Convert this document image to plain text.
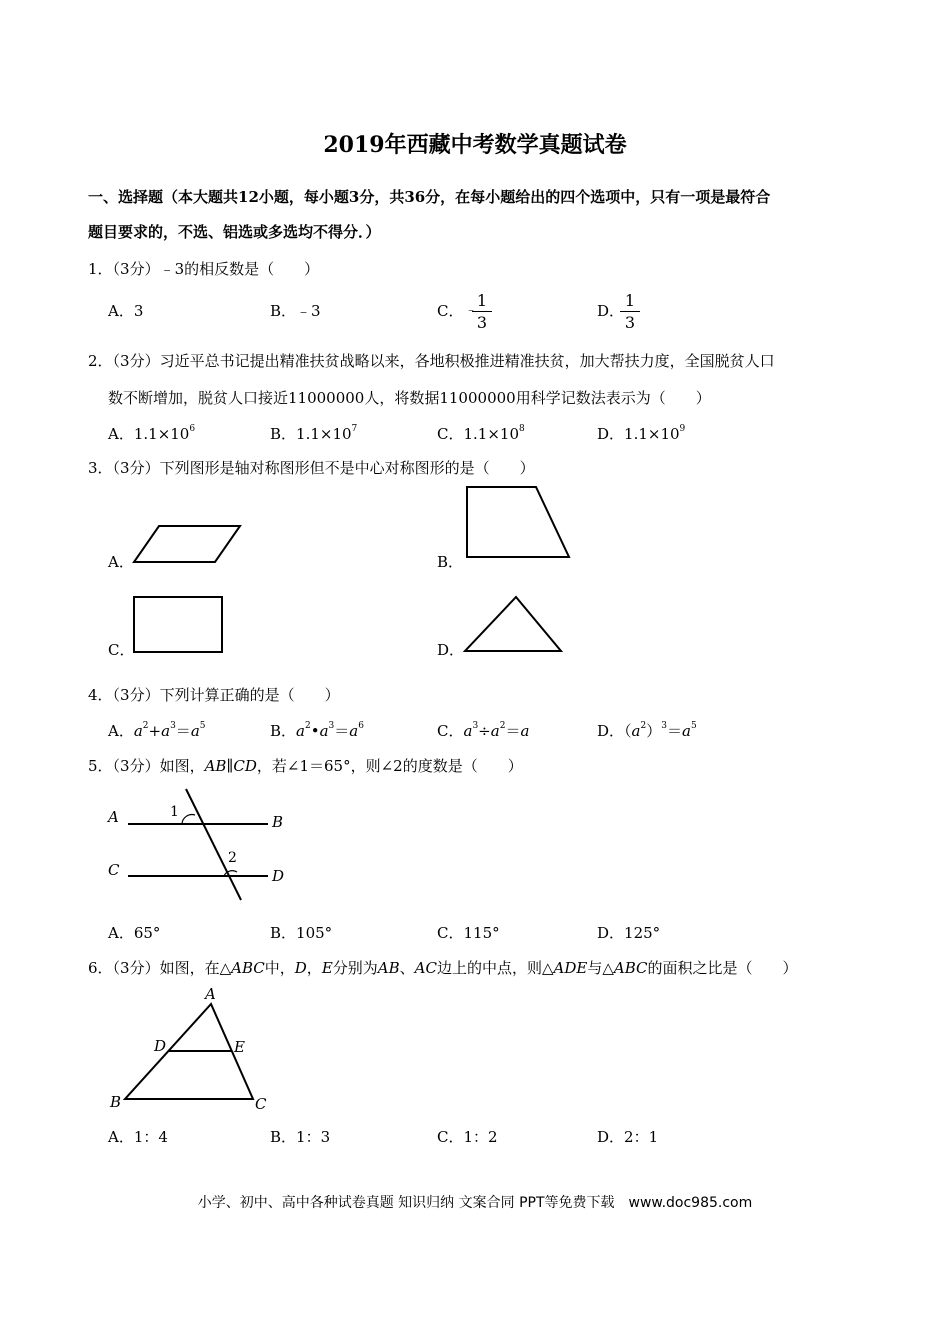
2019年西藏中考数学真题试卷
一、选择题（本大题共12小题，每小题3分，共36分，在每小题给出的四个选项中，只有一项是最符合
题目要求的，不选、铝选或多选均不得分．）
1．（3分）﹣3的相反数是（　　）
A．3	B．﹣3	C． ﹣ 1
3
D．
1
3
2．（3分）习近平总书记提出精准扶贫战略以来，各地积极推进精准扶贫，加大帮扶力度，全国脱贫人口
数不断增加，脱贫人口接近11000000人，将数据11000000用科学记数法表示为（　　）
A．$1.1\times 10^6$	B．$1.1\times 10^7$	C．$1.1\times 10^8$	D．$1.1\times 10^9$
3．（3分）下列图形是轴对称图形但不是中心对称图形的是（　　）
A．	B．
C．	D．
4．（3分）下列计算正确的是（　　）
A．$a^2+a^3=a^5$	B．$a^2•a^3=a^6$	C．$a^3\div a^2=a$	D．$(a^2)^3=a^5$
5．（3分）如图，AB∥CD，若∠1＝65°，则∠2的度数是（　　）
A	B
C	D
1
2
A．65°	B．105°	C．115°	D．125°
6．（3分）如图，在△ABC中，D，E分别为AB、AC边上的中点，则△ADE与△ABC的面积之比是（　　）
A
D	E
B	C
A．1：4	B．1：3	C．1：2	D．2：1
小学、初中、高中各种试卷真题 知识归纳 文案合同 PPT等免费下载　www.doc985.com
